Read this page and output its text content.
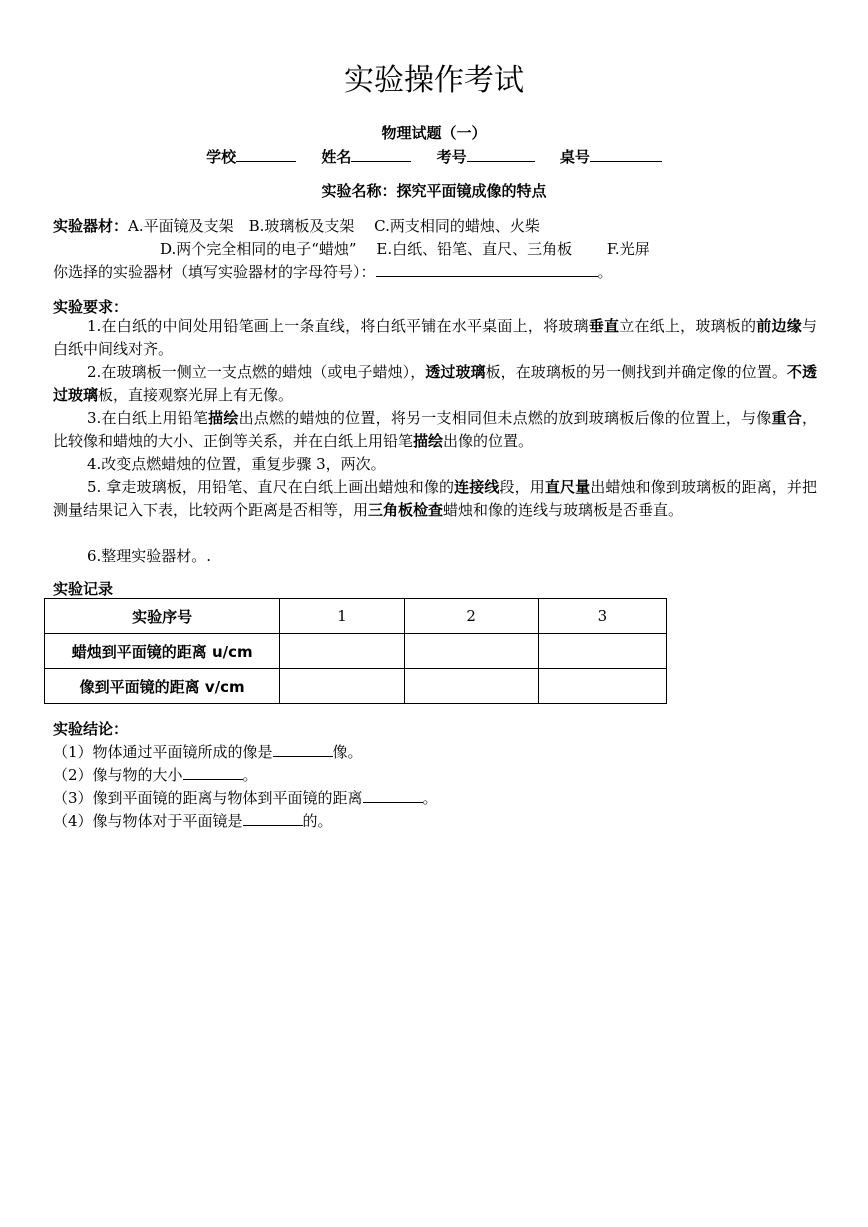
实验操作考试
物理试题（一）
学校	姓名	考号	桌号
实验名称：探究平面镜成像的特点
实验器材：A.平面镜及支架　B.玻璃板及支架　 C.两支相同的蜡烛、火柴
D.两个完全相同的电子“蜡烛”　 E.白纸、铅笔、直尺、三角板　　 F.光屏
你选择的实验器材（填写实验器材的字母符号）：	。
实验要求：
1.在白纸的中间处用铅笔画上一条直线，将白纸平铺在水平桌面上，将玻璃垂直立在纸上，玻璃板的前边缘与白纸中间线对齐。
2.在玻璃板一侧立一支点燃的蜡烛（或电子蜡烛），透过玻璃板，在玻璃板的另一侧找到并确定像的位置。不透过玻璃板，直接观察光屏上有无像。
3.在白纸上用铅笔描绘出点燃的蜡烛的位置，将另一支相同但未点燃的放到玻璃板后像的位置上，与像重合，比较像和蜡烛的大小、正倒等关系，并在白纸上用铅笔描绘出像的位置。
4.改变点燃蜡烛的位置，重复步骤 3，两次。
5. 拿走玻璃板，用铅笔、直尺在白纸上画出蜡烛和像的连接线段，用直尺量出蜡烛和像到玻璃板的距离，并把测量结果记入下表，比较两个距离是否相等，用三角板检查蜡烛和像的连线与玻璃板是否垂直。
6.整理实验器材。.
实验记录
实验序号	1	2	3
蜡烛到平面镜的距离 u/cm			
像到平面镜的距离 v/cm			
实验结论：
（1）物体通过平面镜所成的像是	像。
（2）像与物的大小	。
（3）像到平面镜的距离与物体到平面镜的距离	。
（4）像与物体对于平面镜是	的。
